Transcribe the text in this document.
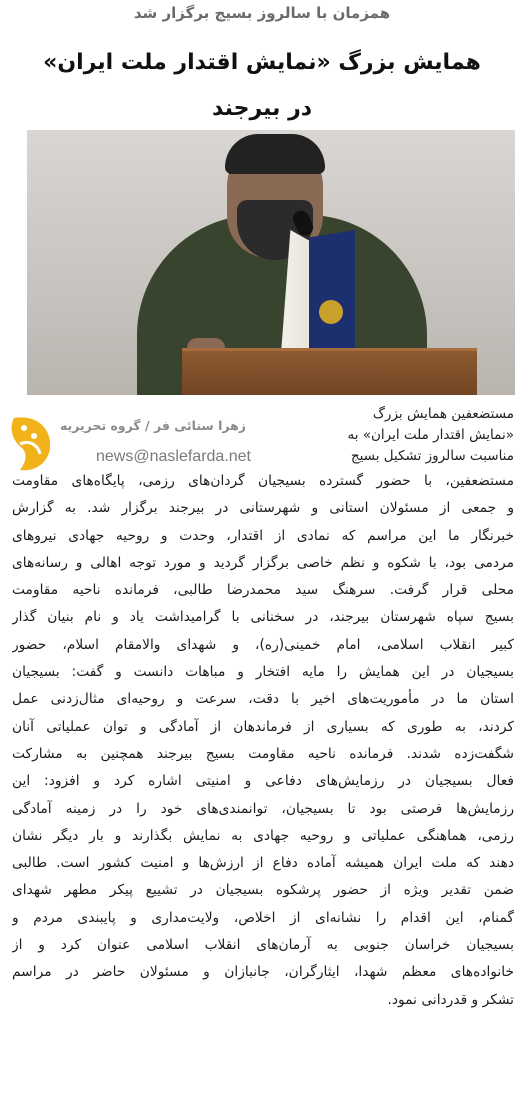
همزمان با سالروز بسیج برگزار شد
همایش بزرگ «نمایش اقتدار ملت ایران»
در بیرجند
مستضعفین همایش بزرگ
«نمایش اقتدار ملت ایران» به
مناسبت سالروز تشکیل بسیج
زهرا سنائی فر / گروه تحریریه
news@naslefarda.net
مستضعفین، با حضور گسترده بسیجیان گردان‌های رزمی، پایگاه‌های مقاومت
و جمعی از مسئولان استانی و شهرستانی در بیرجند برگزار شد. به گزارش
خبرنگار ما این مراسم که نمادی از اقتدار، وحدت و روحیه جهادی نیروهای
مردمی بود، با شکوه و نظم خاصی برگزار گردید و مورد توجه اهالی و رسانه‌های
محلی قرار گرفت. سرهنگ سید محمدرضا طالبی، فرمانده ناحیه مقاومت
بسیج سپاه شهرستان بیرجند، در سخنانی با گرامیداشت یاد و نام بنیان گذار
کبیر انقلاب اسلامی، امام خمینی(ره)، و شهدای والامقام اسلام، حضور
بسیجیان در این همایش را مایه افتخار و مباهات دانست و گفت: بسیجیان
استان ما در مأموریت‌های اخیر با دقت، سرعت و روحیه‌ای مثال‌زدنی عمل
کردند، به طوری که بسیاری از فرماندهان از آمادگی و توان عملیاتی آنان
شگفت‌زده شدند. فرمانده ناحیه مقاومت بسیج بیرجند همچنین به مشارکت
فعال بسیجیان در رزمایش‌های دفاعی و امنیتی اشاره کرد و افزود: این
رزمایش‌ها فرصتی بود تا بسیجیان، توانمندی‌های خود را در زمینه آمادگی
رزمی، هماهنگی عملیاتی و روحیه جهادی به نمایش بگذارند و بار دیگر نشان
دهند که ملت ایران همیشه آماده دفاع از ارزش‌ها و امنیت کشور است. طالبی
ضمن تقدیر ویژه از حضور پرشکوه بسیجیان در تشییع پیکر مطهر شهدای
گمنام، این اقدام را نشانه‌ای از اخلاص، ولایت‌مداری و پایبندی مردم و
بسیجیان خراسان جنوبی به آرمان‌های انقلاب اسلامی عنوان کرد و از
خانواده‌های معظم شهدا، ایثارگران، جانبازان و مسئولان حاضر در مراسم
تشکر و قدردانی نمود.
